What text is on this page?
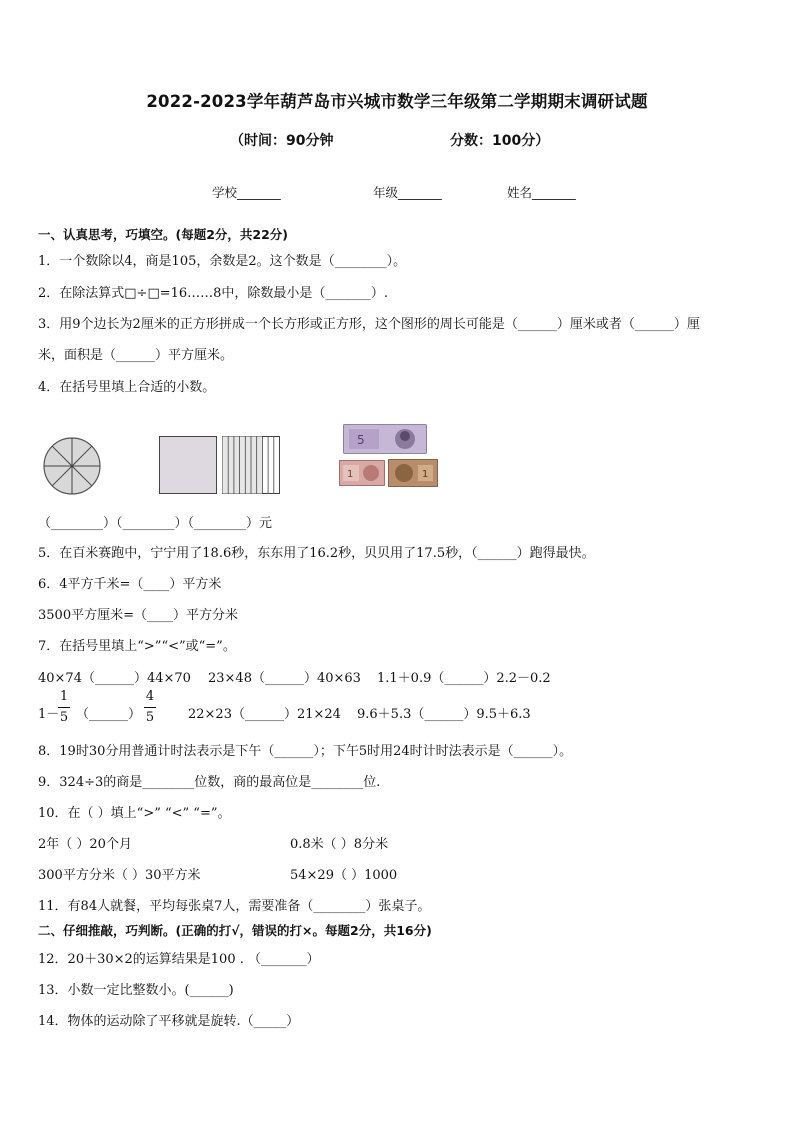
2022-2023学年葫芦岛市兴城市数学三年级第二学期期末调研试题
（时间：90分钟	分数：100分）
学校_______	年级_______	姓名_______
一、认真思考，巧填空。(每题2分，共22分)
1．一个数除以4，商是105，余数是2。这个数是（________）。
2．在除法算式□÷□=16……8中，除数最小是（_______）.
3．用9个边长为2厘米的正方形拼成一个长方形或正方形，这个图形的周长可能是（______）厘米或者（______）厘
米，面积是（______）平方厘米。
4．在括号里填上合适的小数。
5
1	1
（________）（________）（________）元
5．在百米赛跑中，宁宁用了18.6秒，东东用了16.2秒，贝贝用了17.5秒，（______）跑得最快。
6．4平方千米=（____）平方米
3500平方厘米=（____）平方分米
7．在括号里填上“>”“<”或“=”。
40×74（______）44×70 23×48（______）40×63 1.1＋0.9（______）2.2－0.2
1－
1
5 （______）
4
5	22×23（______）21×24 9.6＋5.3（______）9.5＋6.3
8．19时30分用普通计时法表示是下午（______）；下午5时用24时计时法表示是（______）。
9．324÷3的商是________位数，商的最高位是________位.
10．在（ ）填上“>” “<” “=”。
2年（ ）20个月	0.8米（ ）8分米
300平方分米（ ）30平方米	54×29（ ）1000
11．有84人就餐，平均每张桌7人，需要准备（________）张桌子。
二、仔细推敲，巧判断。(正确的打√，错误的打×。每题2分，共16分)
12．20＋30×2的运算结果是100 . （_______）
13．小数一定比整数小。(______)
14．物体的运动除了平移就是旋转.（_____）
